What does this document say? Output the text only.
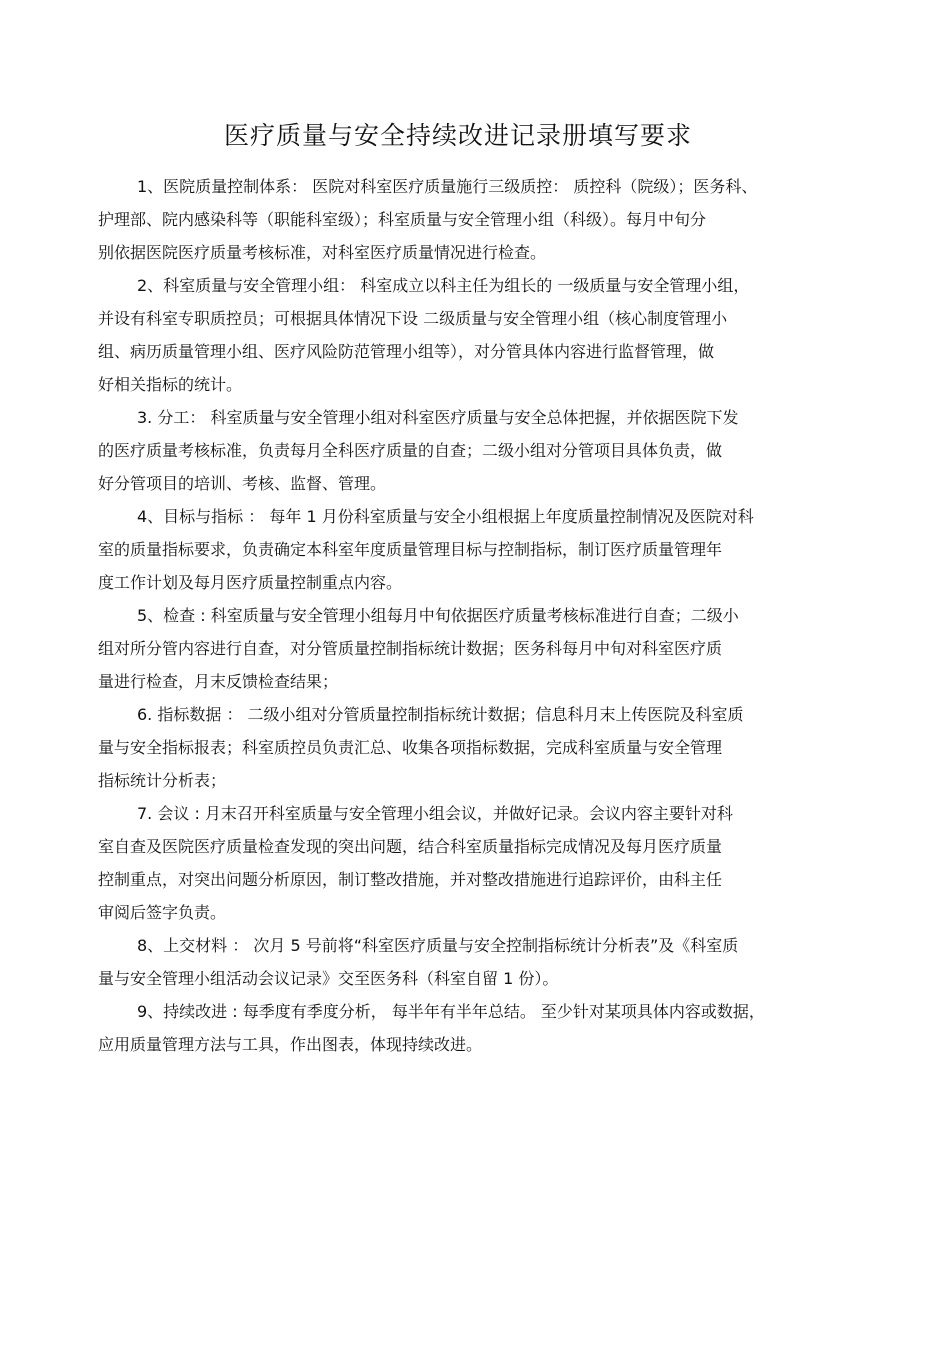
医疗质量与安全持续改进记录册填写要求
1、医院质量控制体系： 医院对科室医疗质量施行三级质控： 质控科（院级）；医务科、
护理部、院内感染科等（职能科室级）；科室质量与安全管理小组（科级）。每月中旬分
别依据医院医疗质量考核标准，对科室医疗质量情况进行检查。
2、科室质量与安全管理小组： 科室成立以科主任为组长的 一级质量与安全管理小组，
并设有科室专职质控员；可根据具体情况下设 二级质量与安全管理小组（核心制度管理小
组、病历质量管理小组、医疗风险防范管理小组等），对分管具体内容进行监督管理，做
好相关指标的统计。
3. 分工： 科室质量与安全管理小组对科室医疗质量与安全总体把握，并依据医院下发
的医疗质量考核标准，负责每月全科医疗质量的自查；二级小组对分管项目具体负责，做
好分管项目的培训、考核、监督、管理。
4、目标与指标 ： 每年 1 月份科室质量与安全小组根据上年度质量控制情况及医院对科
室的质量指标要求，负责确定本科室年度质量管理目标与控制指标，制订医疗质量管理年
度工作计划及每月医疗质量控制重点内容。
5、检查 : 科室质量与安全管理小组每月中旬依据医疗质量考核标准进行自查；二级小
组对所分管内容进行自查，对分管质量控制指标统计数据；医务科每月中旬对科室医疗质
量进行检查，月末反馈检查结果；
6. 指标数据 ： 二级小组对分管质量控制指标统计数据；信息科月末上传医院及科室质
量与安全指标报表；科室质控员负责汇总、收集各项指标数据，完成科室质量与安全管理
指标统计分析表；
7. 会议 : 月末召开科室质量与安全管理小组会议，并做好记录。会议内容主要针对科
室自查及医院医疗质量检查发现的突出问题，结合科室质量指标完成情况及每月医疗质量
控制重点，对突出问题分析原因，制订整改措施，并对整改措施进行追踪评价，由科主任
审阅后签字负责。
8、上交材料 ： 次月 5 号前将“科室医疗质量与安全控制指标统计分析表”及《科室质
量与安全管理小组活动会议记录》交至医务科（科室自留 1 份）。
9、持续改进 : 每季度有季度分析， 每半年有半年总结。 至少针对某项具体内容或数据，
应用质量管理方法与工具，作出图表，体现持续改进。
